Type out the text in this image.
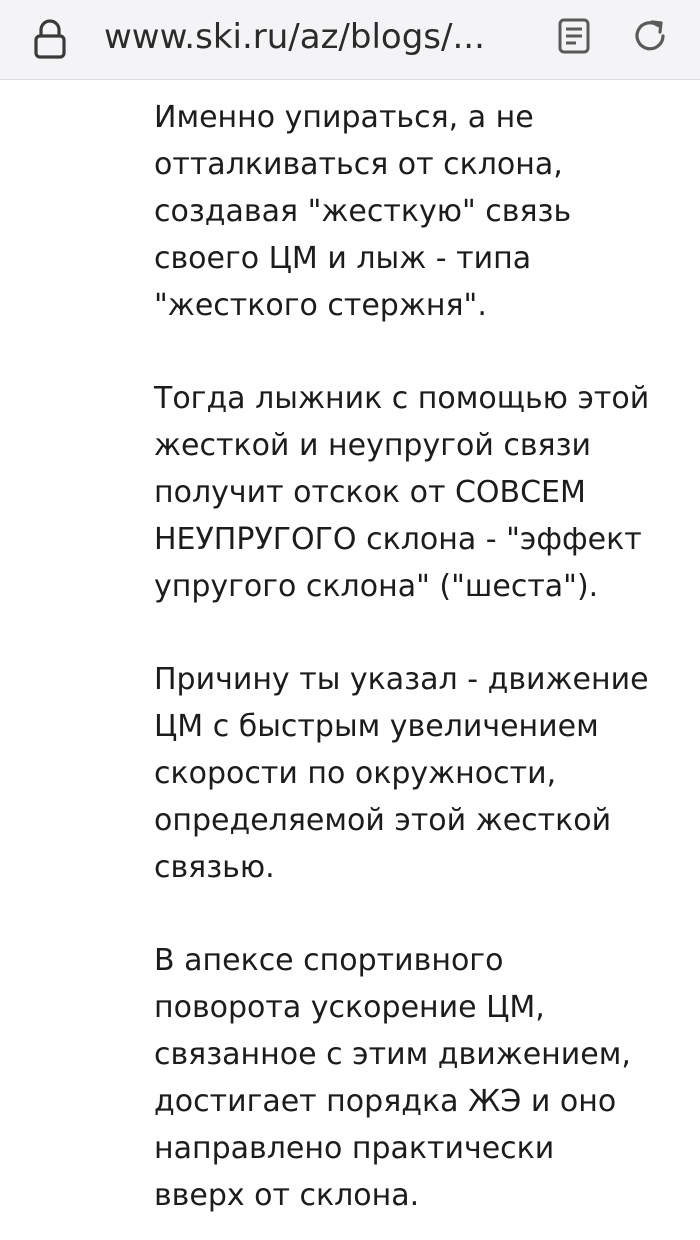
www.ski.ru/az/blogs/...

Именно упираться, а не
отталкиваться от склона,
создавая "жесткую" связь
своего ЦМ и лыж - типа
"жесткого стержня".

Тогда лыжник с помощью этой
жесткой и неупругой связи
получит отскок от СОВСЕМ
НЕУПРУГОГО склона - "эффект
упругого склона" ("шеста").

Причину ты указал - движение
ЦМ с быстрым увеличением
скорости по окружности,
определяемой этой жесткой
связью.

В апексе спортивного
поворота ускорение ЦМ,
связанное с этим движением,
достигает порядка ЖЭ и оно
направлено практически
вверх от склона.
